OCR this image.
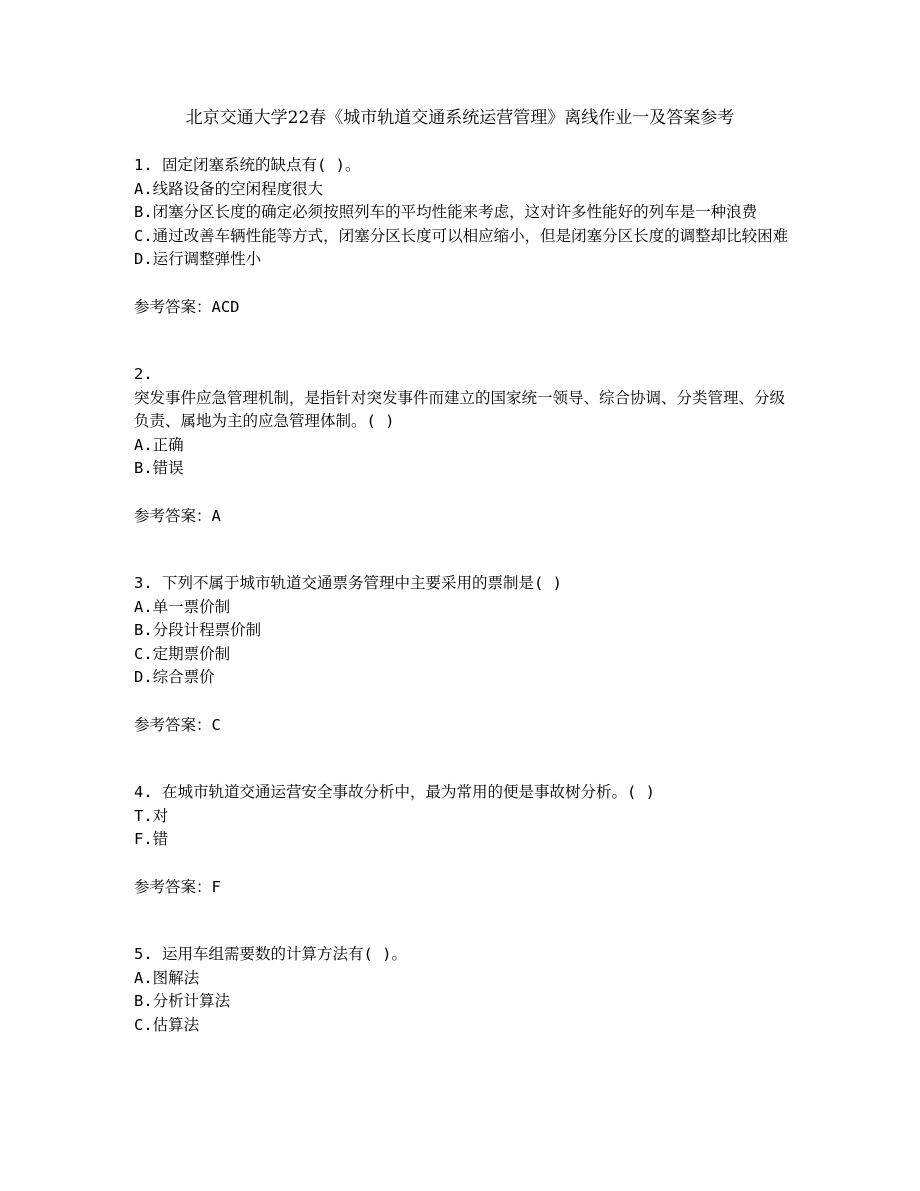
北京交通大学22春《城市轨道交通系统运营管理》离线作业一及答案参考

1. 固定闭塞系统的缺点有( )。

A.线路设备的空闲程度很大

B.闭塞分区长度的确定必须按照列车的平均性能来考虑，这对许多性能好的列车是一种浪费

C.通过改善车辆性能等方式，闭塞分区长度可以相应缩小，但是闭塞分区长度的调整却比较困难

D.运行调整弹性小

参考答案：ACD

2.

突发事件应急管理机制，是指针对突发事件而建立的国家统一领导、综合协调、分类管理、分级负责、属地为主的应急管理体制。( )

A.正确

B.错误

参考答案：A

3. 下列不属于城市轨道交通票务管理中主要采用的票制是( )

A.单一票价制

B.分段计程票价制

C.定期票价制

D.综合票价

参考答案：C

4. 在城市轨道交通运营安全事故分析中，最为常用的便是事故树分析。( )

T.对

F.错

参考答案：F

5. 运用车组需要数的计算方法有( )。

A.图解法

B.分析计算法

C.估算法
